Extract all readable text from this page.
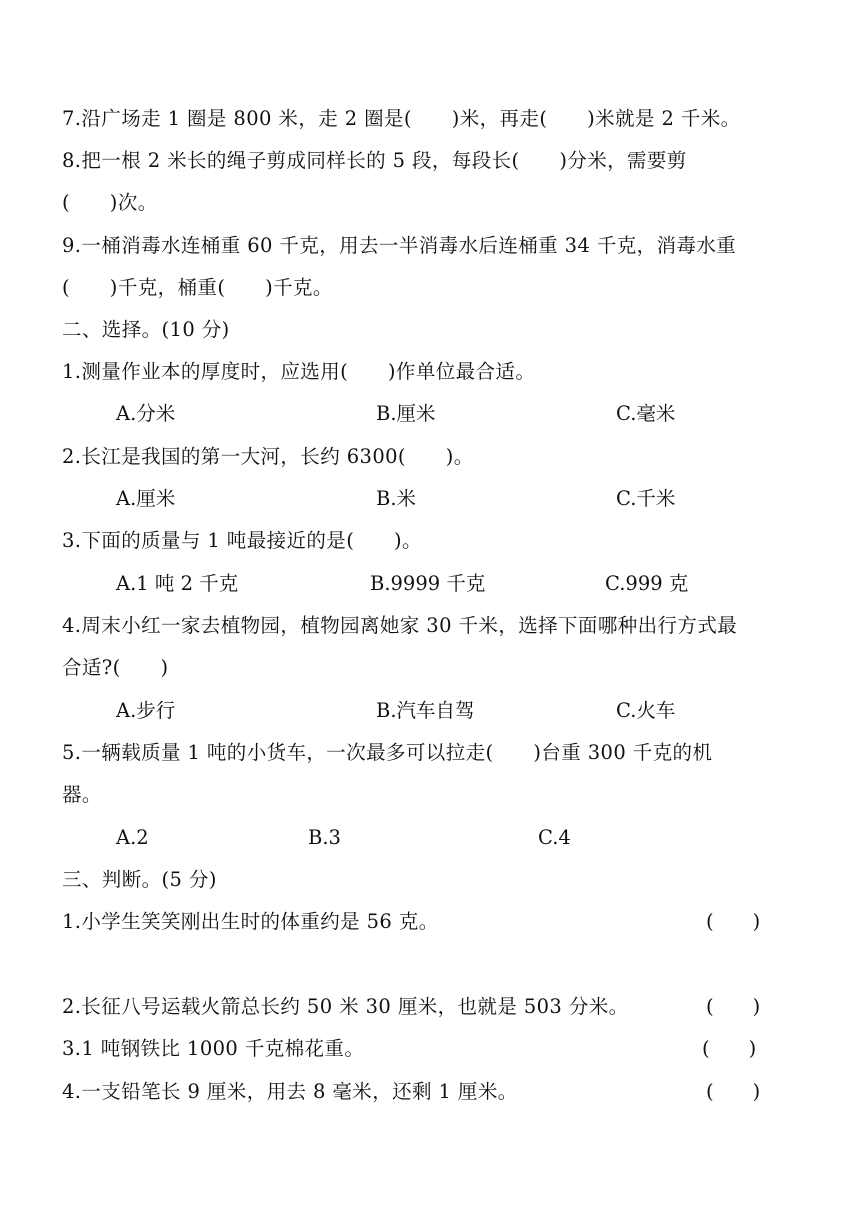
7.沿广场走 1 圈是 800 米，走 2 圈是(　　)米，再走(　　)米就是 2 千米。
8.把一根 2 米长的绳子剪成同样长的 5 段，每段长(　　)分米，需要剪
(　　)次。
9.一桶消毒水连桶重 60 千克，用去一半消毒水后连桶重 34 千克，消毒水重
(　　)千克，桶重(　　)千克。
二、选择。(10 分)
1.测量作业本的厚度时，应选用(　　)作单位最合适。
A.分米	B.厘米	C.毫米
2.长江是我国的第一大河，长约 6300(　　)。
A.厘米	B.米	C.千米
3.下面的质量与 1 吨最接近的是(　　)。
A.1 吨 2 千克	B.9999 千克	C.999 克
4.周末小红一家去植物园，植物园离她家 30 千米，选择下面哪种出行方式最
合适?(　　)
A.步行	B.汽车自驾	C.火车
5.一辆载质量 1 吨的小货车，一次最多可以拉走(　　)台重 300 千克的机
器。
A.2	B.3	C.4
三、判断。(5 分)
1.小学生笑笑刚出生时的体重约是 56 克。	(　　)
2.长征八号运载火箭总长约 50 米 30 厘米，也就是 503 分米。	(　　)
3.1 吨钢铁比 1000 千克棉花重。	(　　)
4.一支铅笔长 9 厘米，用去 8 毫米，还剩 1 厘米。	(　　)
